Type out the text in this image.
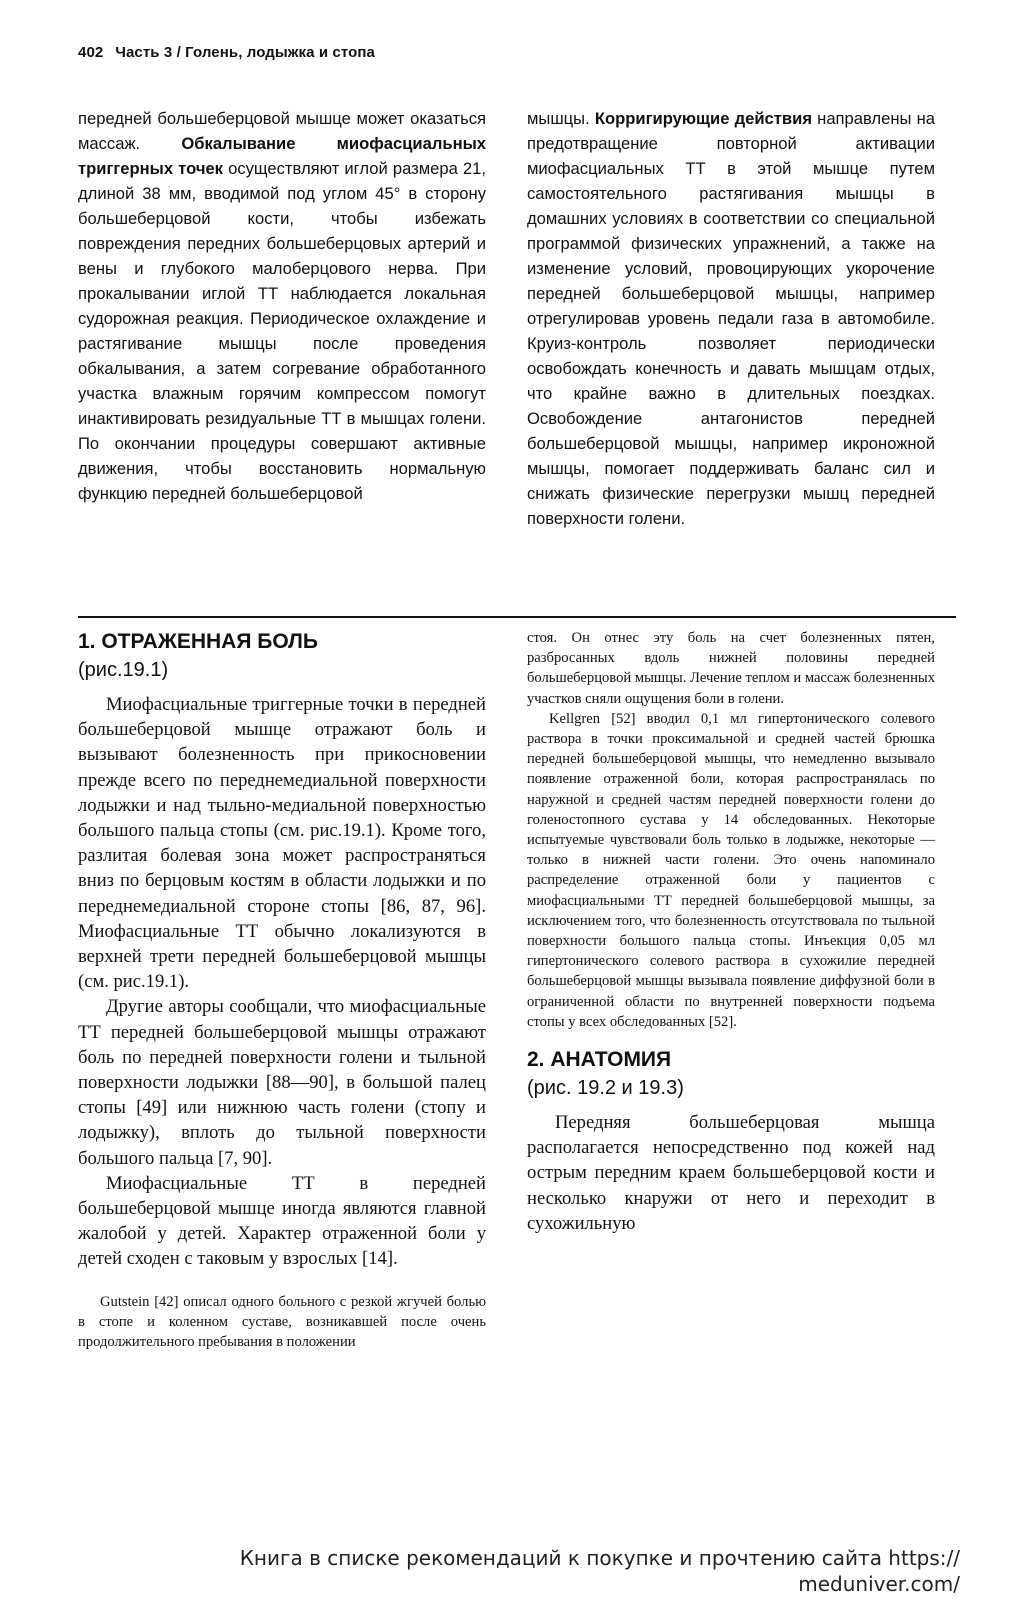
402 Часть 3 / Голень, лодыжка и стопа

передней большеберцовой мышце может оказаться массаж. Обкалывание миофасциальных триггерных точек осуществляют иглой размера 21, длиной 38 мм, вводимой под углом 45° в сторону большеберцовой кости, чтобы избежать повреждения передних большеберцовых артерий и вены и глубокого малоберцового нерва. При прокалывании иглой ТТ наблюдается локальная судорожная реакция. Периодическое охлаждение и растягивание мышцы после проведения обкалывания, а затем согревание обработанного участка влажным горячим компрессом помогут инактивировать резидуальные ТТ в мышцах голени. По окончании процедуры совершают активные движения, чтобы восстановить нормальную функцию передней большеберцовой

мышцы. Корригирующие действия направлены на предотвращение повторной активации миофасциальных ТТ в этой мышце путем самостоятельного растягивания мышцы в домашних условиях в соответствии со специальной программой физических упражнений, а также на изменение условий, провоцирующих укорочение передней большеберцовой мышцы, например отрегулировав уровень педали газа в автомобиле. Круиз-контроль позволяет периодически освобождать конечность и давать мышцам отдых, что крайне важно в длительных поездках. Освобождение антагонистов передней большеберцовой мышцы, например икроножной мышцы, помогает поддерживать баланс сил и снижать физические перегрузки мышц передней поверхности голени.

1. ОТРАЖЕННАЯ БОЛЬ
(рис.19.1)

Миофасциальные триггерные точки в передней большеберцовой мышце отражают боль и вызывают болезненность при прикосновении прежде всего по переднемедиальной поверхности лодыжки и над тыльно-медиальной поверхностью большого пальца стопы (см. рис.19.1). Кроме того, разлитая болевая зона может распространяться вниз по берцовым костям в области лодыжки и по переднемедиальной стороне стопы [86, 87, 96]. Миофасциальные ТТ обычно локализуются в верхней трети передней большеберцовой мышцы (см. рис.19.1).

Другие авторы сообщали, что миофасциальные ТТ передней большеберцовой мышцы отражают боль по передней поверхности голени и тыльной поверхности лодыжки [88—90], в большой палец стопы [49] или нижнюю часть голени (стопу и лодыжку), вплоть до тыльной поверхности большого пальца [7, 90].

Миофасциальные ТТ в передней большеберцовой мышце иногда являются главной жалобой у детей. Характер отраженной боли у детей сходен с таковым у взрослых [14].

Gutstein [42] описал одного больного с резкой жгучей болью в стопе и коленном суставе, возникавшей после очень продолжительного пребывания в положении

стоя. Он отнес эту боль на счет болезненных пятен, разбросанных вдоль нижней половины передней большеберцовой мышцы. Лечение теплом и массаж болезненных участков сняли ощущения боли в голени.

Kellgren [52] вводил 0,1 мл гипертонического солевого раствора в точки проксимальной и средней частей брюшка передней большеберцовой мышцы, что немедленно вызывало появление отраженной боли, которая распространялась по наружной и средней частям передней поверхности голени до голеностопного сустава у 14 обследованных. Некоторые испытуемые чувствовали боль только в лодыжке, некоторые — только в нижней части голени. Это очень напоминало распределение отраженной боли у пациентов с миофасциальными ТТ передней большеберцовой мышцы, за исключением того, что болезненность отсутствовала по тыльной поверхности большого пальца стопы. Инъекция 0,05 мл гипертонического солевого раствора в сухожилие передней большеберцовой мышцы вызывала появление диффузной боли в ограниченной области по внутренней поверхности подъема стопы у всех обследованных [52].

2. АНАТОМИЯ
(рис. 19.2 и 19.3)

Передняя большеберцовая мышца располагается непосредственно под кожей над острым передним краем большеберцовой кости и несколько кнаружи от него и переходит в сухожильную

Книга в списке рекомендаций к покупке и прочтению сайта https://
meduniver.com/
